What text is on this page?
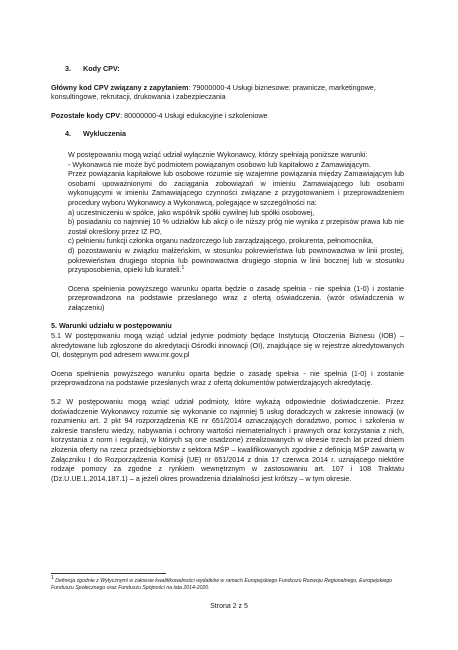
3. Kody CPV:
Główny kod CPV związany z zapytaniem: 79000000-4 Usługi biznesowe: prawnicze, marketingowe, konsultingowe, rekrutacji, drukowania i zabezpieczania
Pozostałe kody CPV: 80000000-4 Usługi edukacyjne i szkoleniowe
4. Wykluczenia
W postępowaniu mogą wziąć udział wyłącznie Wykonawcy, którzy spełniają poniższe warunki:
- Wykonawca nie może być podmiotem powiązanym osobowo lub kapitałowo z Zamawiającym.
Przez powiązania kapitałowe lub osobowe rozumie się wzajemne powiązania między Zamawiającym lub osobami upoważnionymi do zaciągania zobowiązań w imieniu Zamawiającego lub osobami wykonującymi w imieniu Zamawiającego czynności związane z przygotowaniem i przeprowadzeniem procedury wyboru Wykonawcy a Wykonawcą, polegające w szczególności na:
a) uczestniczeniu w spółce, jako wspólnik spółki cywilnej lub spółki osobowej,
b) posiadaniu co najmniej 10 % udziałów lub akcji o ile niższy próg nie wynika z przepisów prawa lub nie został określony przez IZ PO,
c) pełnieniu funkcji członka organu nadzorczego lub zarządzającego, prokurenta, pełnomocnika,
d) pozostawaniu w związku małżeńskim, w stosunku pokrewieństwa lub powinowactwa w linii prostej, pokrewieństwa drugiego stopnia lub powinowactwa drugiego stopnia w linii bocznej lub w stosunku przysposobienia, opieki lub kurateli.$^1$
Ocena spełnienia powyższego warunku oparta będzie o zasadę spełnia - nie spełnia (1-0) i zostanie przeprowadzona na podstawie przesłanego wraz z ofertą oświadczenia. (wzór oświadczenia w załączeniu)
5. Warunki udziału w postępowaniu
5.1 W postępowaniu mogą wziąć udział jedynie podmioty będące Instytucją Otoczenia Biznesu (IOB) – akredytowane lub zgłoszone do akredytacji Ośrodki innowacji (OI), znajdujące się w rejestrze akredytowanych OI, dostępnym pod adresem www.mr.gov.pl
Ocena spełnienia powyższego warunku oparta będzie o zasadę spełnia - nie spełnia (1-0) i zostanie przeprowadzona na podstawie przesłanych wraz z ofertą dokumentów potwierdzających akredytację.
5.2 W postępowaniu mogą wziąć udział podmioty, które wykażą odpowiednie doświadczenie. Przez doświadczenie Wykonawcy rozumie się wykonanie co najmniej 5 usług doradczych w zakresie innowacji (w rozumieniu art. 2 pkt 94 rozporządzenia KE nr 651/2014 oznaczających doradztwo, pomoc i szkolenia w zakresie transferu wiedzy, nabywania i ochrony wartości niematerialnych i prawnych oraz korzystania z nich, korzystania z norm i regulacji, w których są one osadzone) zrealizowanych w okresie trzech lat przed dniem złożenia oferty na rzecz przedsiębiorstw z sektora MŚP – kwalifikowanych zgodnie z definicją MŚP zawartą w Załączniku I do Rozporządzenia Komisji (UE) nr 651/2014 z dnia 17 czerwca 2014 r. uznającego niektóre rodzaje pomocy za zgodne z rynkiem wewnętrznym w zastosowaniu art. 107 i 108 Traktatu (Dz.U.UE.L.2014.187.1) – a jeżeli okres prowadzenia działalności jest krótszy – w tym okresie.
$^1$ Definicja zgodnie z Wytycznymi w zakresie kwalifikowalności wydatków w ramach Europejskiego Funduszu Rozwoju Regionalnego, Europejskiego Funduszu Społecznego oraz Funduszu Spójności na lata 2014-2020.
Strona 2 z 5
